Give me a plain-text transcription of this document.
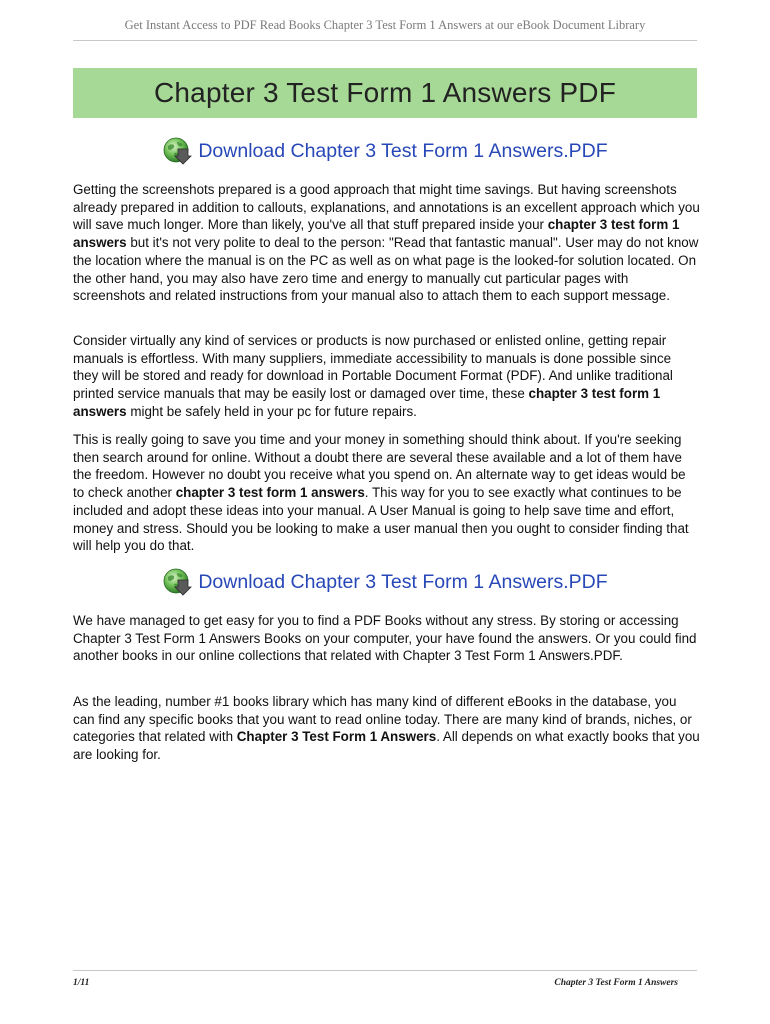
Get Instant Access to PDF Read Books Chapter 3 Test Form 1 Answers at our eBook Document Library
Chapter 3 Test Form 1 Answers PDF
Download Chapter 3 Test Form 1 Answers.PDF

Getting the screenshots prepared is a good approach that might time savings. But having screenshots already prepared in addition to callouts, explanations, and annotations is an excellent approach which you will save much longer. More than likely, you've all that stuff prepared inside your chapter 3 test form 1 answers but it's not very polite to deal to the person: "Read that fantastic manual". User may do not know the location where the manual is on the PC as well as on what page is the looked-for solution located. On the other hand, you may also have zero time and energy to manually cut particular pages with screenshots and related instructions from your manual also to attach them to each support message.

Consider virtually any kind of services or products is now purchased or enlisted online, getting repair manuals is effortless. With many suppliers, immediate accessibility to manuals is done possible since they will be stored and ready for download in Portable Document Format (PDF). And unlike traditional printed service manuals that may be easily lost or damaged over time, these chapter 3 test form 1 answers might be safely held in your pc for future repairs.

This is really going to save you time and your money in something should think about. If you're seeking then search around for online. Without a doubt there are several these available and a lot of them have the freedom. However no doubt you receive what you spend on. An alternate way to get ideas would be to check another chapter 3 test form 1 answers. This way for you to see exactly what continues to be included and adopt these ideas into your manual. A User Manual is going to help save time and effort, money and stress. Should you be looking to make a user manual then you ought to consider finding that will help you do that.

Download Chapter 3 Test Form 1 Answers.PDF

We have managed to get easy for you to find a PDF Books without any stress. By storing or accessing Chapter 3 Test Form 1 Answers Books on your computer, your have found the answers. Or you could find another books in our online collections that related with Chapter 3 Test Form 1 Answers.PDF.

As the leading, number #1 books library which has many kind of different eBooks in the database, you can find any specific books that you want to read online today. There are many kind of brands, niches, or categories that related with Chapter 3 Test Form 1 Answers. All depends on what exactly books that you are looking for.

1/11	Chapter 3 Test Form 1 Answers
